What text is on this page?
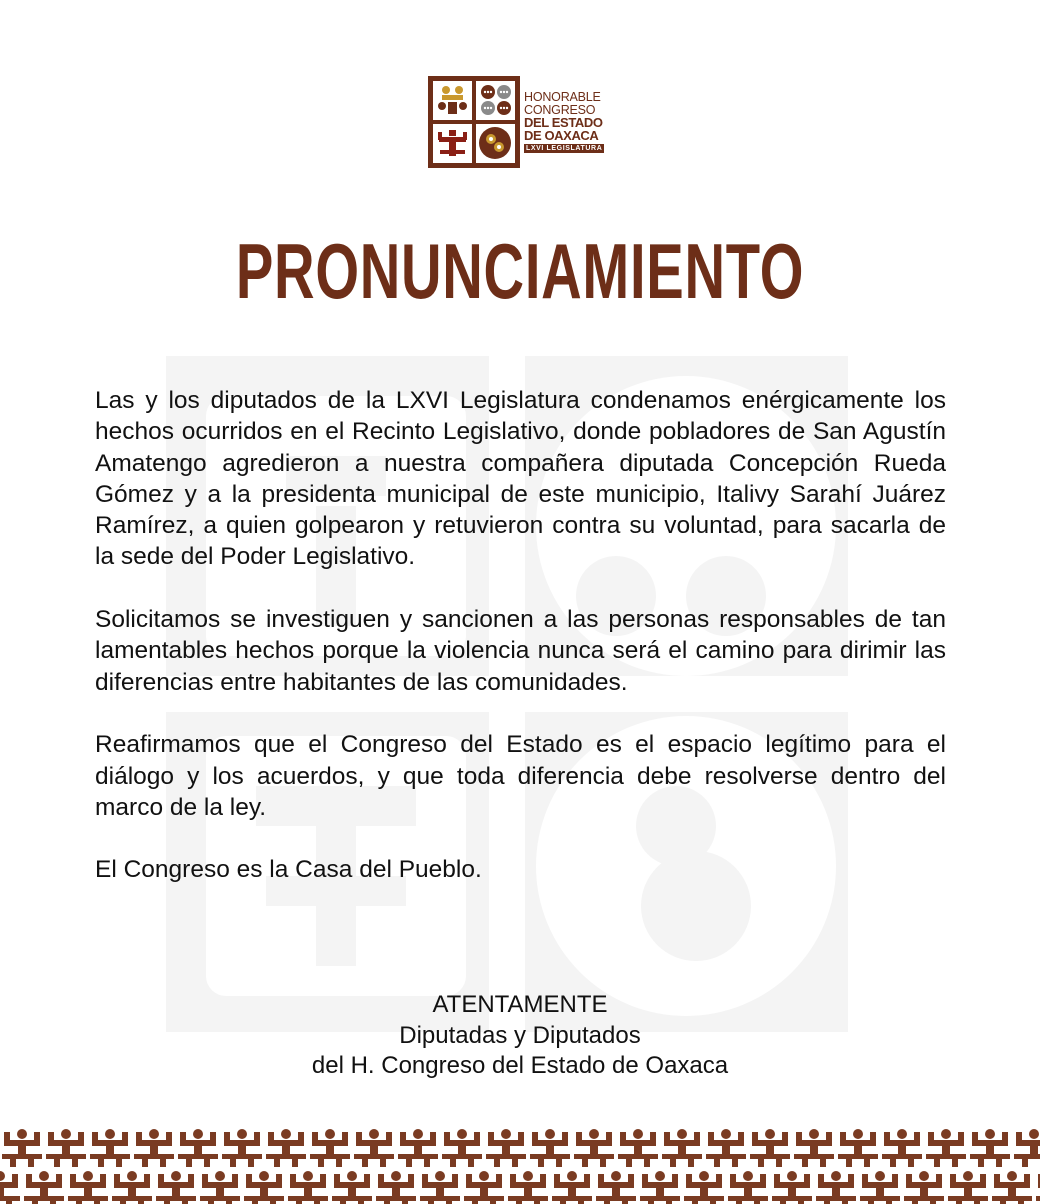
HONORABLE
CONGRESO
DEL ESTADO
DE OAXACA
LXVI LEGISLATURA
PRONUNCIAMIENTO

Las y los diputados de la LXVI Legislatura condenamos enérgicamente los hechos ocurridos en el Recinto Legislativo, donde pobladores de San Agustín Amatengo agredieron a nuestra compañera diputada Concepción Rueda Gómez y a la presidenta municipal de este municipio, Italivy Sarahí Juárez Ramírez, a quien golpearon y retuvieron contra su voluntad, para sacarla de la sede del Poder Legislativo.

Solicitamos se investiguen y sancionen a las personas responsables de tan lamentables hechos porque la violencia nunca será el camino para dirimir las diferencias entre habitantes de las comunidades.

Reafirmamos que el Congreso del Estado es el espacio legítimo para el diálogo y los acuerdos, y que toda diferencia debe resolverse dentro del marco de la ley.

El Congreso es la Casa del Pueblo.

ATENTAMENTE
Diputadas y Diputados
del H. Congreso del Estado de Oaxaca
